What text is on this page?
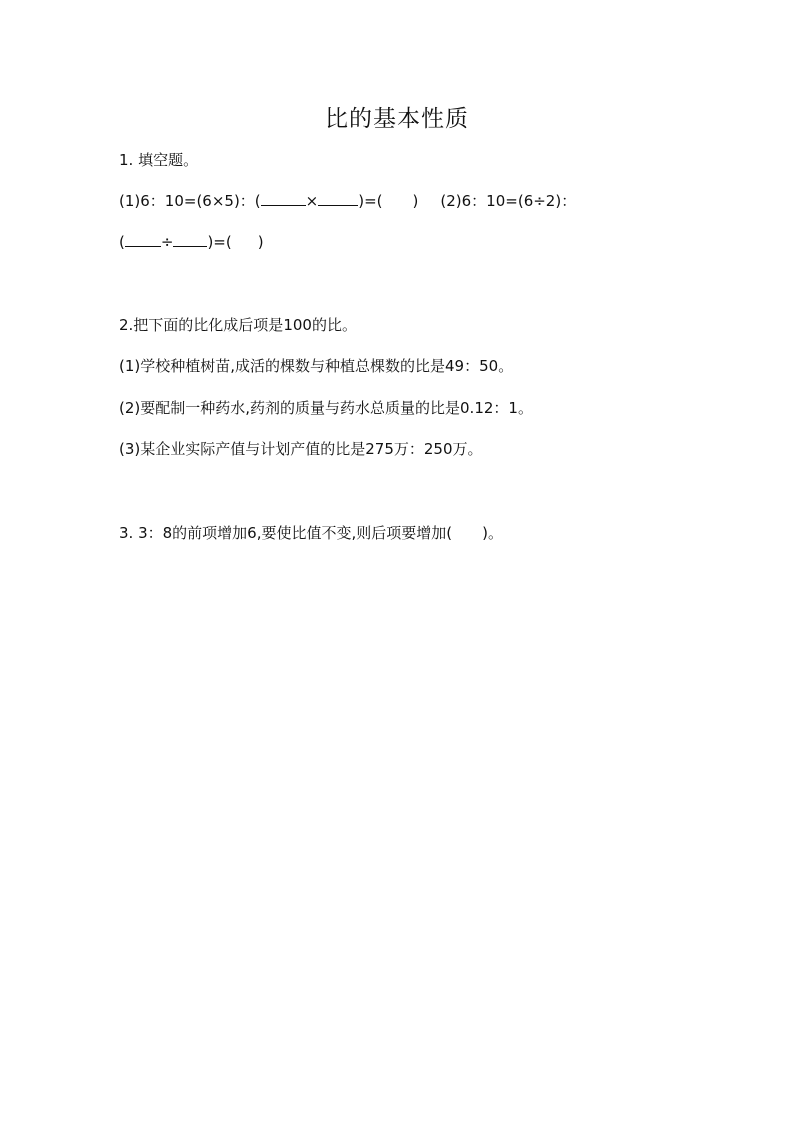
比的基本性质
1. 填空题。
(1)6：10=(6×5)：(	×	)=( ) (2)6：10=(6÷2)：
( ÷ )=( )
2.把下面的比化成后项是100的比。
(1)学校种植树苗,成活的棵数与种植总棵数的比是49：50。
(2)要配制一种药水,药剂的质量与药水总质量的比是0.12：1。
(3)某企业实际产值与计划产值的比是275万：250万。
3. 3：8的前项增加6,要使比值不变,则后项要增加( )。
